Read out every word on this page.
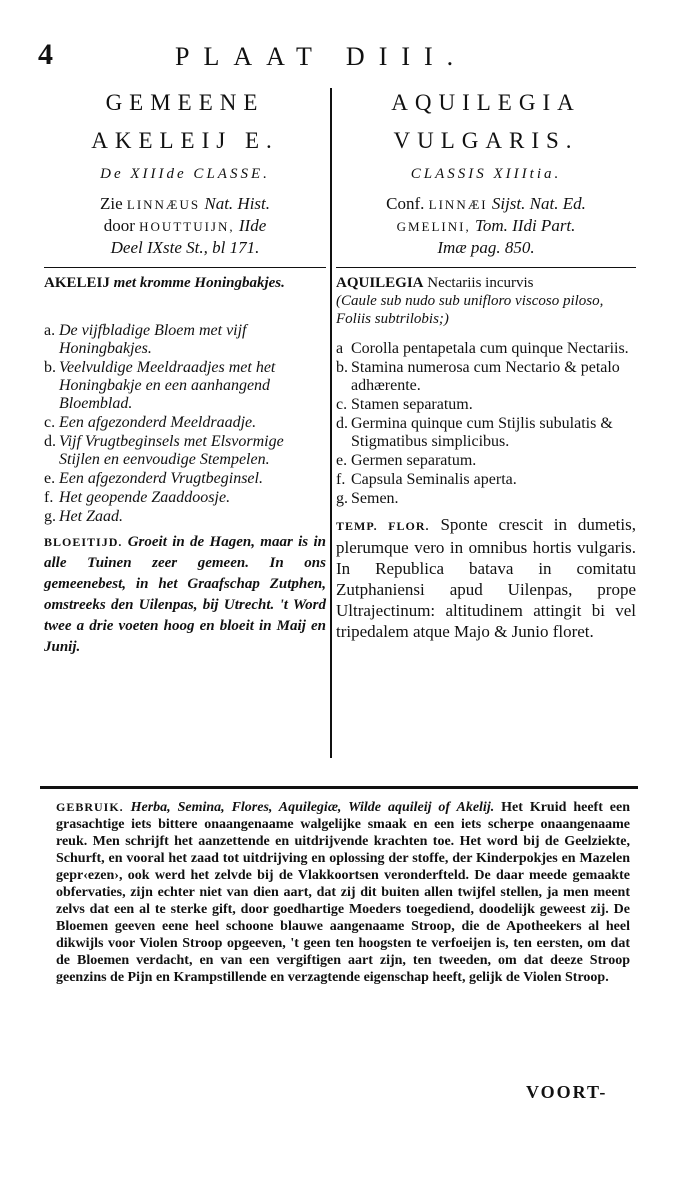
4	PLAAT DIII.
GEMEENE
AKELEIJ E.
De XIIIde CLASSE.
Zie LINNÆUS Nat. Hist.
door HOUTTUIJN, IIde
Deel IXste St., bl 171.
AKELEIJ met kromme Honingbakjes.
a. De vijfbladige Bloem met vijf Honingbakjes.
b. Veelvuldige Meeldraadjes met het Honingbakje en een aanhangend Bloemblad.
c. Een afgezonderd Meeldraadje.
d. Vijf Vrugtbeginsels met Elsvormige Stijlen en eenvoudige Stempelen.
e. Een afgezonderd Vrugtbeginsel.
f. Het geopende Zaaddoosje.
g. Het Zaad.
BLOEITIJD. Groeit in de Hagen, maar is in alle Tuinen zeer gemeen. In ons gemeenebest, in het Graafschap Zutphen, omstreeks den Uilenpas, bij Utrecht. 't Word twee a drie voeten hoog en bloeit in Maij en Junij.
AQUILEGIA
VULGARIS.
CLASSIS XIIItia.
Conf. LINNÆI Sijst. Nat. Ed.
GMELINI, Tom. IIdi Part.
Imæ pag. 850.
AQUILEGIA Nectariis incurvis
(Caule sub nudo sub unifloro viscoso piloso, Foliis subtrilobis;)
a Corolla pentapetala cum quinque Nectariis.
b. Stamina numerosa cum Nectario & petalo adhærente.
c. Stamen separatum.
d. Germina quinque cum Stijlis subulatis & Stigmatibus simplicibus.
e. Germen separatum.
f. Capsula Seminalis aperta.
g. Semen.
TEMP. FLOR. Sponte crescit in dumetis, plerumque vero in omnibus hortis vulgaris. In Republica batava in comitatu Zutphaniensi apud Uilenpas, prope Ultrajectinum: altitudinem attingit bi vel tripedalem atque Majo & Junio floret.
GEBRUIK. Herba, Semina, Flores, Aquilegiæ, Wilde aquileij of Akelij. Het Kruid heeft een grasachtige iets bittere onaangenaame walgelijke smaak en een iets scherpe onaangenaame reuk. Men schrijft het aanzettende en uitdrijvende krachten toe. Het word bij de Geelziekte, Schurft, en vooral het zaad tot uitdrijving en oplossing der stoffe, der Kinderpokjes en Mazelen gepr‹ezen›, ook werd het zelvde bij de Vlakkoortsen veronderfteld. De daar meede gemaakte obfervaties, zijn echter niet van dien aart, dat zij dit buiten allen twijfel stellen, ja men meent zelvs dat een al te sterke gift, door goedhartige Moeders toegediend, doodelijk geweest zij. De Bloemen geeven eene heel schoone blauwe aangenaame Stroop, die de Apotheekers al heel dikwijls voor Violen Stroop opgeeven, 't geen ten hoogsten te verfoeijen is, ten eersten, om dat de Bloemen verdacht, en van een vergiftigen aart zijn, ten tweeden, om dat deeze Stroop geenzins de Pijn en Krampstillende en verzagtende eigenschap heeft, gelijk de Violen Stroop.
VOORT-
